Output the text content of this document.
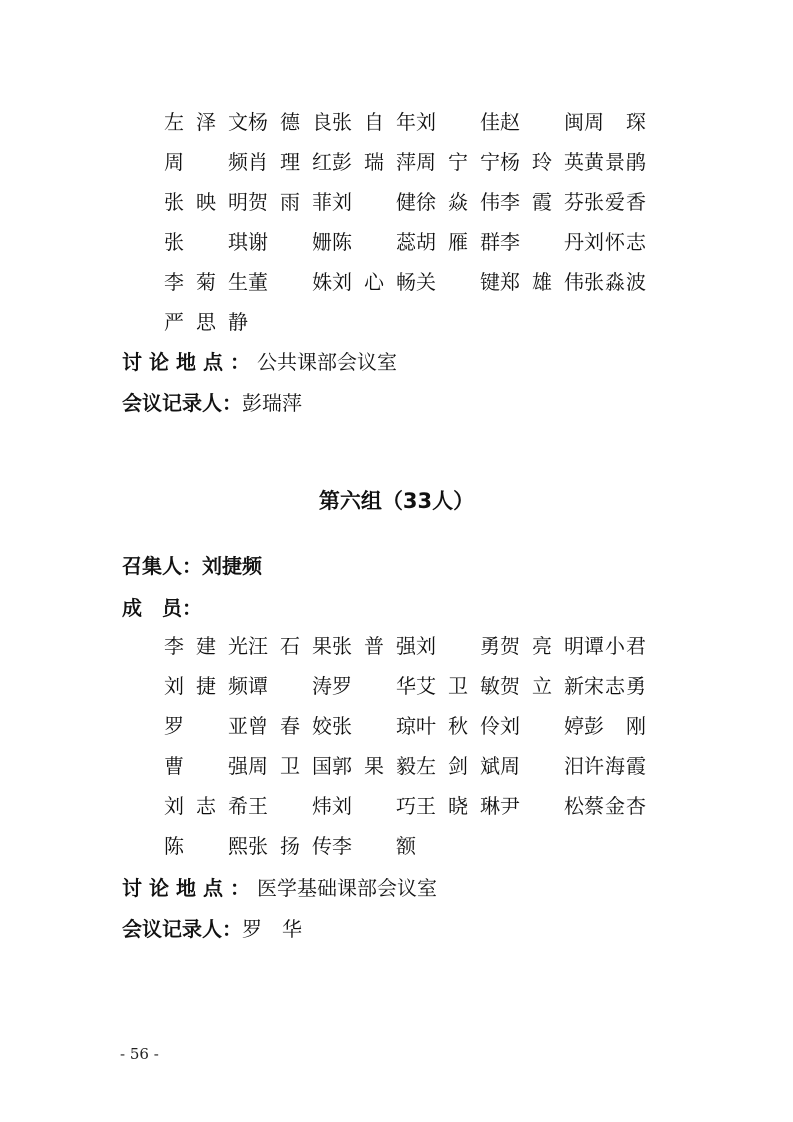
左泽文 杨德良 张自年 刘　佳 赵　闽 周　琛
周　频 肖理红 彭瑞萍 周宁宁 杨玲英 黄景鹃
张映明 贺雨菲 刘　健 徐焱伟 李霞芬 张爱香
张　琪 谢　姗 陈　蕊 胡雁群 李　丹 刘怀志
李菊生 董　姝 刘心畅 关　键 郑雄伟 张淼波
严思静
讨论地点：公共课部会议室
会议记录人：彭瑞萍
第六组（33人）
召集人：刘捷频
成　员：
李建光 汪石果 张普强 刘　勇 贺亮明 谭小君
刘捷频 谭　涛 罗　华 艾卫敏 贺立新 宋志勇
罗　亚 曾春姣 张　琼 叶秋伶 刘　婷 彭　刚
曹　强 周卫国 郭果毅 左剑斌 周　汨 许海霞
刘志希 王　炜 刘　巧 王晓琳 尹　松 蔡金杏
陈　熙 张扬传 李　额
讨论地点：医学基础课部会议室
会议记录人：罗　华
- 56 -
